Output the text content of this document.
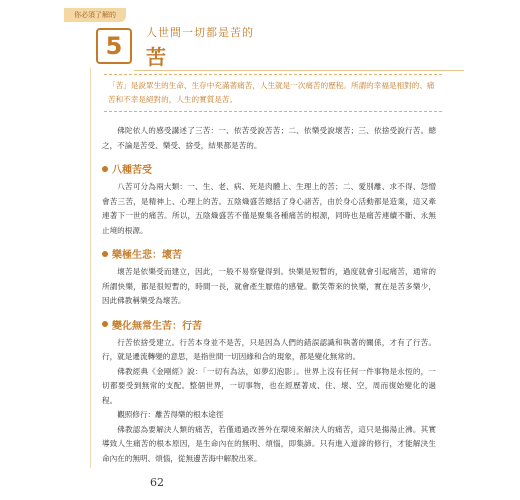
你必須了解的
5	人世間一切都是苦的
苦
「苦」是說眾生的生命、生存中充滿著痛苦，人生就是一次痛苦的歷程。所謂的幸福是相對的、痛苦和不幸是絕對的，人生的實質是苦。

佛陀依人的感受講述了三苦：一、依苦受說苦苦；二、依樂受說壞苦；三、依捨受說行苦。總之，不論是苦受、樂受、捨受，結果都是苦的。

八種苦受

八苦可分為兩大類：一、生、老、病、死是肉體上、生理上的苦；二、愛別離、求不得、怨憎會苦三苦，是精神上、心理上的苦。五陰熾盛苦總括了身心諸苦，由於身心活動都是造業，這又牽連著下一世的痛苦。所以，五陰熾盛苦不僅是聚集各種痛苦的根源，同時也是痛苦連續不斷、永無止境的根源。

樂極生悲：壞苦

壞苦是依樂受而建立，因此，一般不易察覺得到。快樂是短暫的，過度就會引起痛苦，通常的所謂快樂，都是很短暫的，時間一長，就會產生厭倦的感覺。歡笑帶來的快樂，實在是苦多樂少，因此佛教稱樂受為壞苦。

變化無常生苦：行苦

行苦依捨受建立。行苦本身並不是苦，只是因為人們的錯誤認識和執著的關係，才有了行苦。行，就是遷流轉變的意思，是指世間一切因緣和合的現象，都是變化無常的。

佛教經典《金剛經》說：「一切有為法，如夢幻泡影」。世界上沒有任何一件事物是永恆的，一切都要受到無常的支配。整個世界，一切事物，也在經歷著成、住、壞、空，周而復始變化的過程。

觀照修行：離苦得樂的根本途徑

佛教認為要解決人類的痛苦，若僅通過改善外在環境來解決人的痛苦，這只是揚湯止沸。其實導致人生痛苦的根本原因，是生命內在的無明、煩惱，即集諦。只有進入道諦的修行，才能解決生命內在的無明、煩惱，從無邊苦海中解脫出來。

62
